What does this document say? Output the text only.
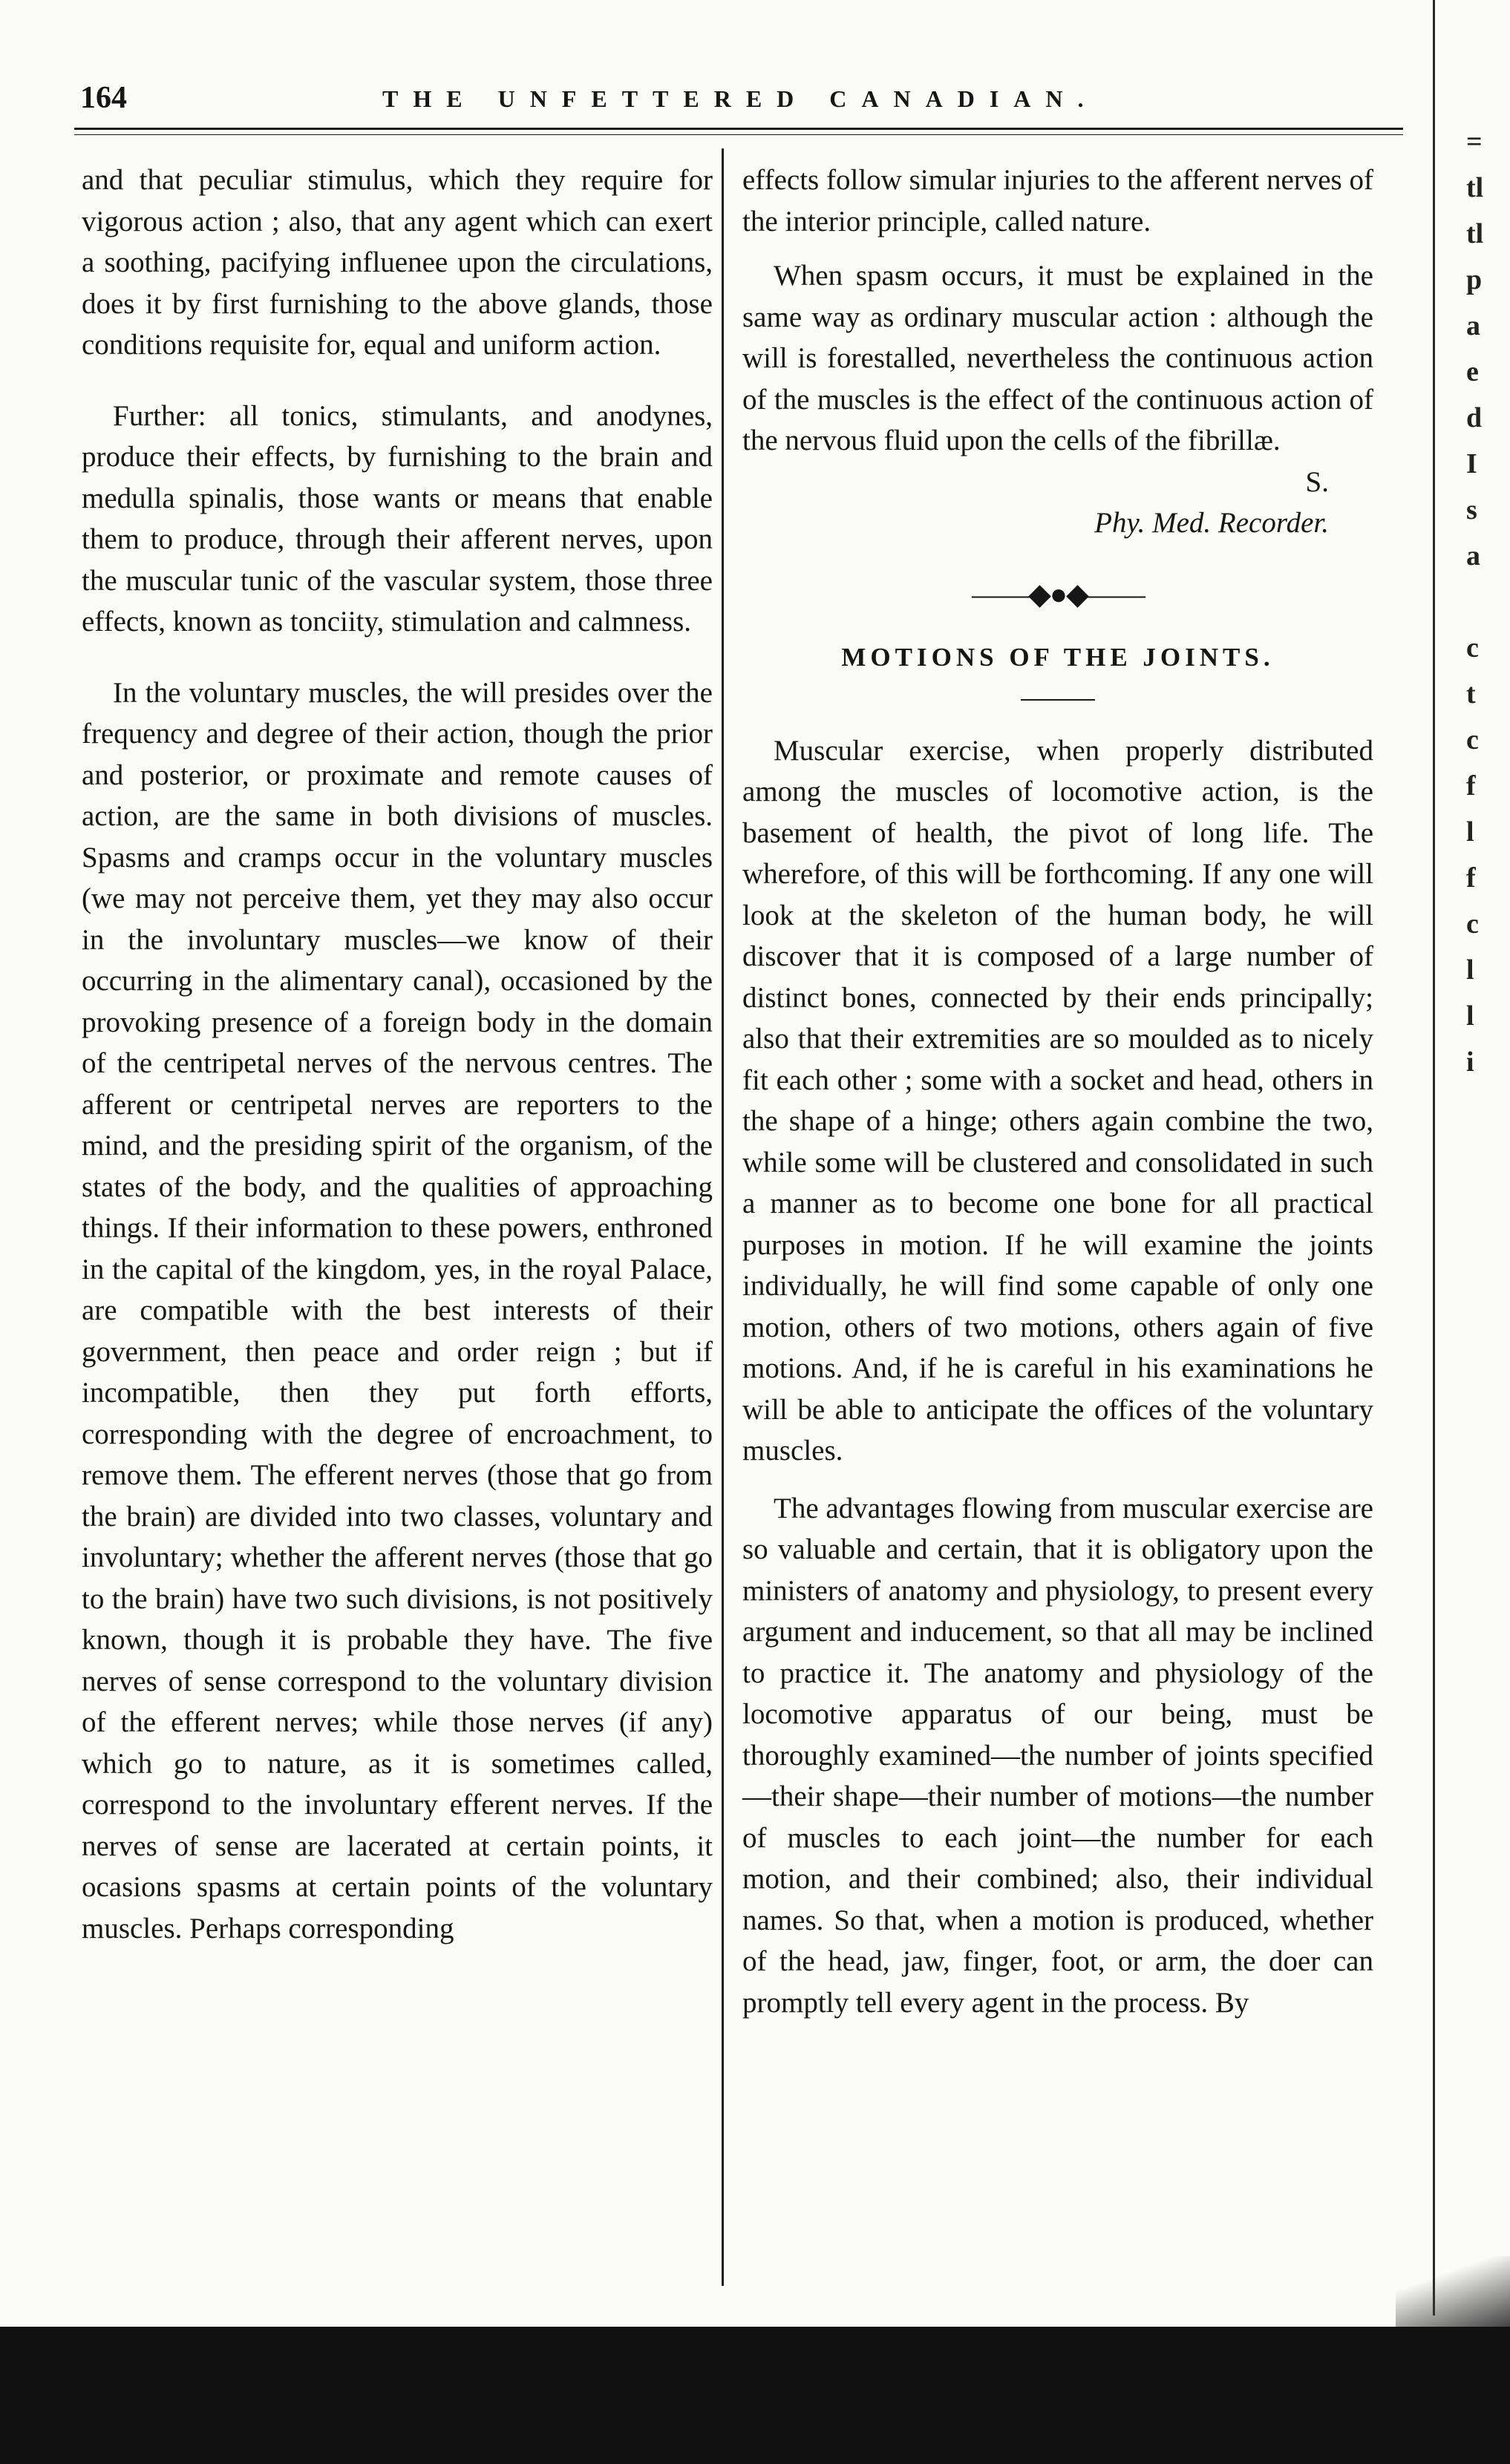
164	THE UNFETTERED CANADIAN.

and that peculiar stimulus, which they require for vigorous action ; also, that any agent which can exert a soothing, pacifying influenee upon the circulations, does it by first furnishing to the above glands, those conditions requisite for, equal and uniform action.

Further: all tonics, stimulants, and anodynes, produce their effects, by furnishing to the brain and medulla spinalis, those wants or means that enable them to produce, through their afferent nerves, upon the muscular tunic of the vascular system, those three effects, known as tonciity, stimulation and calmness.

In the voluntary muscles, the will presides over the frequency and degree of their action, though the prior and posterior, or proximate and remote causes of action, are the same in both divisions of muscles. Spasms and cramps occur in the voluntary muscles (we may not perceive them, yet they may also occur in the involuntary muscles—we know of their occurring in the alimentary canal), occasioned by the provoking presence of a foreign body in the domain of the centripetal nerves of the nervous centres. The afferent or centripetal nerves are reporters to the mind, and the presiding spirit of the organism, of the states of the body, and the qualities of approaching things. If their information to these powers, enthroned in the capital of the kingdom, yes, in the royal Palace, are compatible with the best interests of their government, then peace and order reign ; but if incompatible, then they put forth efforts, corresponding with the degree of encroachment, to remove them. The efferent nerves (those that go from the brain) are divided into two classes, voluntary and involuntary; whether the afferent nerves (those that go to the brain) have two such divisions, is not positively known, though it is probable they have. The five nerves of sense correspond to the voluntary division of the efferent nerves; while those nerves (if any) which go to nature, as it is sometimes called, correspond to the involuntary efferent nerves. If the nerves of sense are lacerated at certain points, it ocasions spasms at certain points of the voluntary muscles. Perhaps corresponding

effects follow simular injuries to the afferent nerves of the interior principle, called nature.

When spasm occurs, it must be explained in the same way as ordinary muscular action : although the will is forestalled, nevertheless the continuous action of the muscles is the effect of the continuous action of the nervous fluid upon the cells of the fibrillæ.

S.

Phy. Med. Recorder.

——◆●◆——
MOTIONS OF THE JOINTS.

Muscular exercise, when properly distributed among the muscles of locomotive action, is the basement of health, the pivot of long life. The wherefore, of this will be forthcoming. If any one will look at the skeleton of the human body, he will discover that it is composed of a large number of distinct bones, connected by their ends principally; also that their extremities are so moulded as to nicely fit each other ; some with a socket and head, others in the shape of a hinge; others again combine the two, while some will be clustered and consolidated in such a manner as to become one bone for all practical purposes in motion. If he will examine the joints individually, he will find some capable of only one motion, others of two motions, others again of five motions. And, if he is careful in his examinations he will be able to anticipate the offices of the voluntary muscles.

The advantages flowing from muscular exercise are so valuable and certain, that it is obligatory upon the ministers of anatomy and physiology, to present every argument and inducement, so that all may be inclined to practice it. The anatomy and physiology of the locomotive apparatus of our being, must be thoroughly examined—the number of joints specified—their shape—their number of motions—the number of muscles to each joint—the number for each motion, and their combined; also, their individual names. So that, when a motion is produced, whether of the head, jaw, finger, foot, or arm, the doer can promptly tell every agent in the process. By

=
tl
tl
p
a
e
d
I
s
a
c
t
c
f
l
f
c
l
l
i
